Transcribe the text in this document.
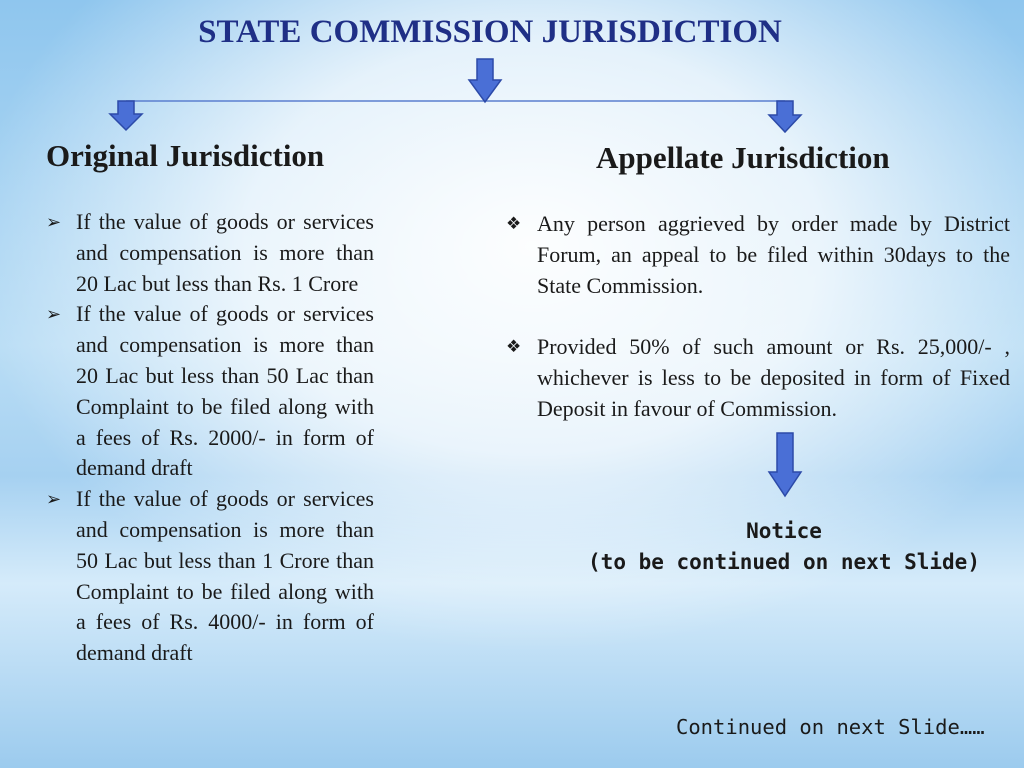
STATE COMMISSION JURISDICTION
Original Jurisdiction	Appellate Jurisdiction
➢ If the value of goods or services and compensation is more than 20 Lac but less than Rs. 1 Crore
➢ If the value of goods or services and compensation is more than 20 Lac but less than 50 Lac than Complaint to be filed along with a fees of Rs. 2000/- in form of demand draft
➢ If the value of goods or services and compensation is more than 50 Lac but less than 1 Crore than Complaint to be filed along with a fees of Rs. 4000/- in form of demand draft
❖ Any person aggrieved by order made by District Forum, an appeal to be filed within 30days to the State Commission.
❖ Provided 50% of such amount or Rs. 25,000/- , whichever is less to be deposited in form of Fixed Deposit in favour of Commission.
Notice
(to be continued on next Slide)
Continued on next Slide……
